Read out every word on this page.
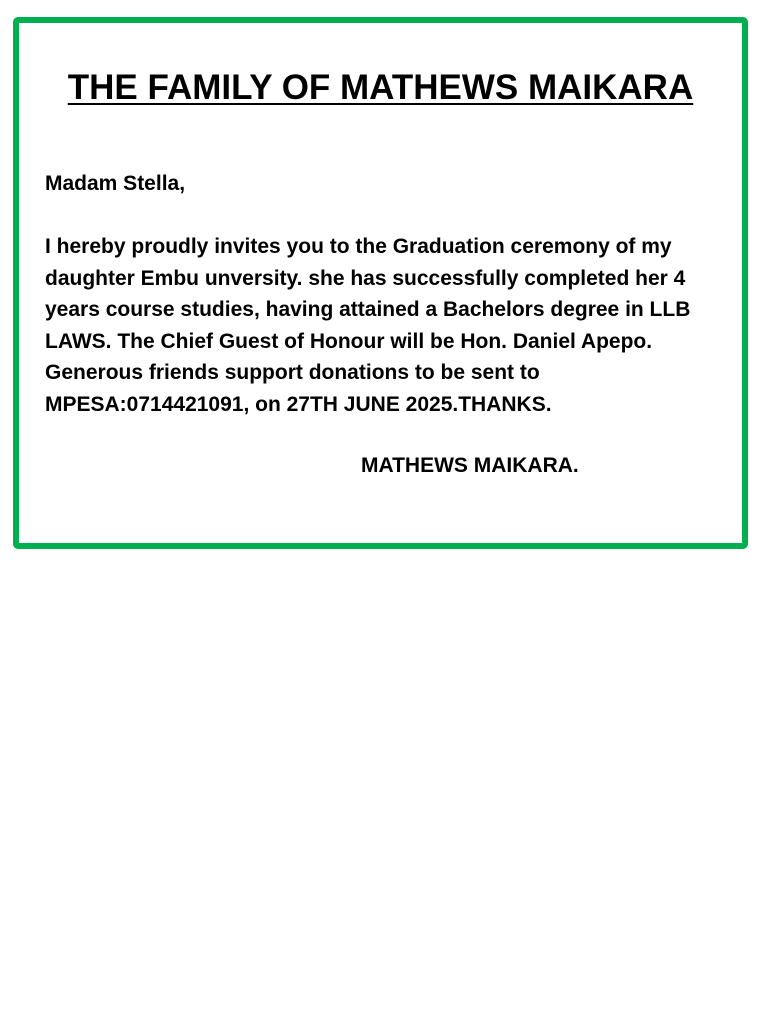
THE FAMILY OF MATHEWS MAIKARA

Madam Stella,

I hereby proudly invites you to the Graduation ceremony of my daughter Embu unversity. she has successfully completed her 4 years course studies, having attained a Bachelors degree in LLB LAWS. The Chief Guest of Honour will be Hon. Daniel Apepo. Generous friends support donations to be sent to MPESA:0714421091, on 27TH JUNE 2025.THANKS.

MATHEWS MAIKARA.
